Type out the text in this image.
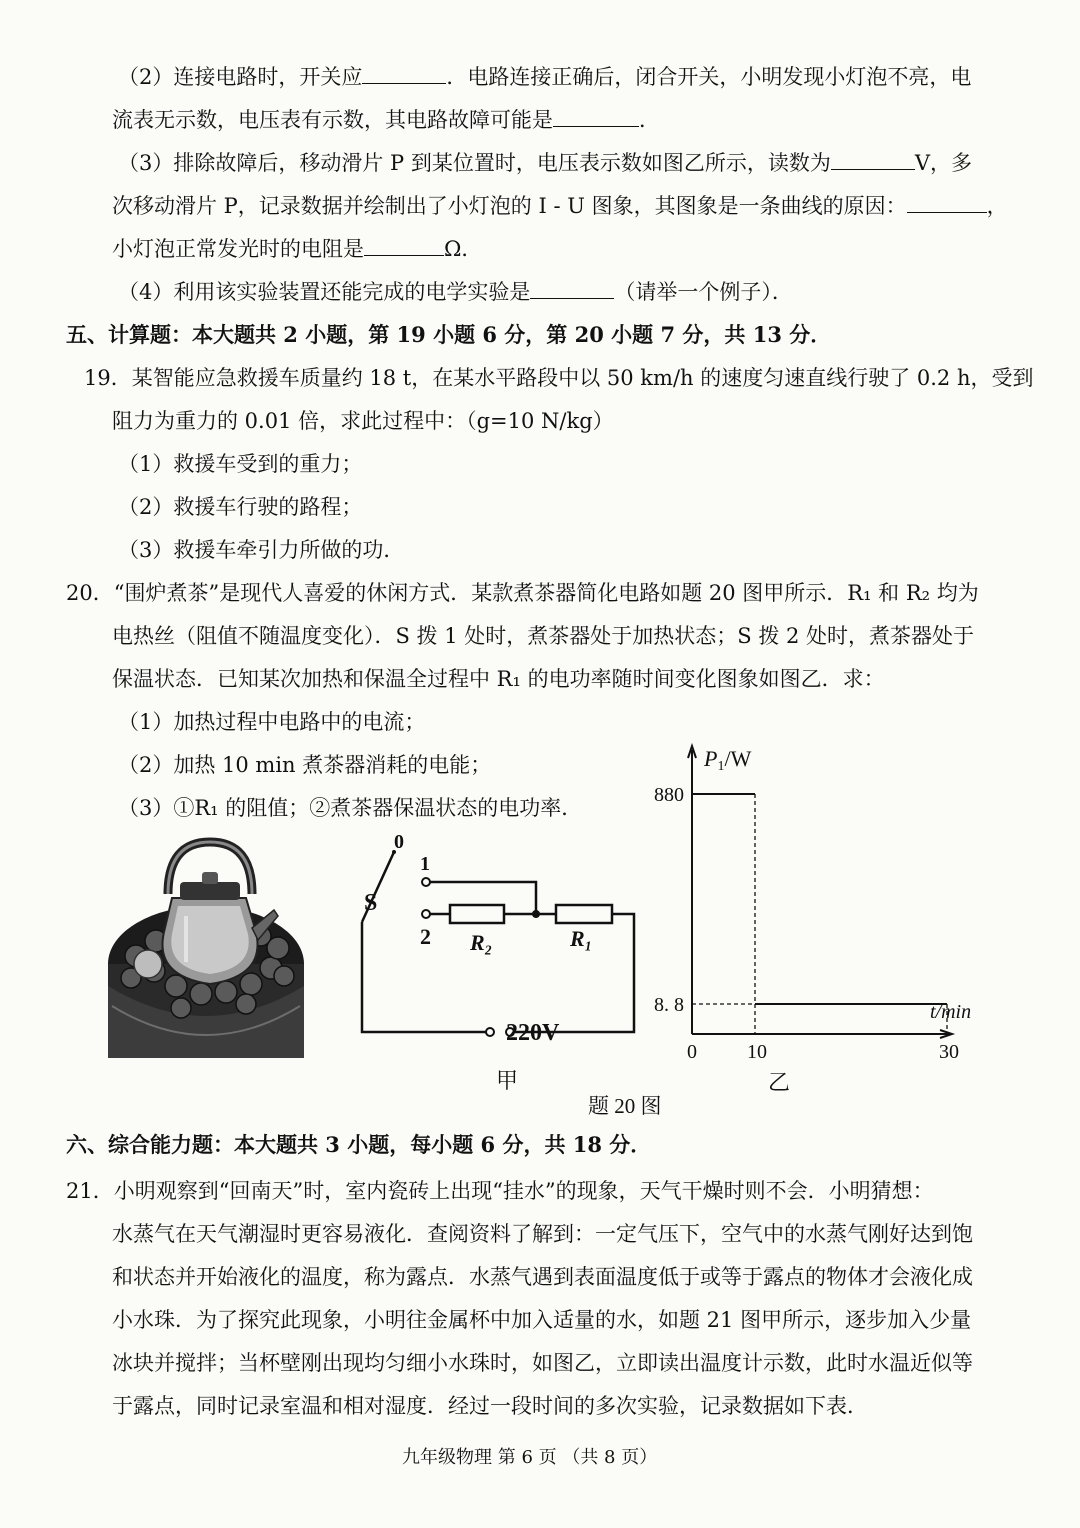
（2）连接电路时，开关应	．电路连接正确后，闭合开关，小明发现小灯泡不亮，电
流表无示数，电压表有示数，其电路故障可能是	．
（3）排除故障后，移动滑片 P 到某位置时，电压表示数如图乙所示，读数为	V，多
次移动滑片 P，记录数据并绘制出了小灯泡的 I - U 图象，其图象是一条曲线的原因：	，
小灯泡正常发光时的电阻是	Ω．
（4）利用该实验装置还能完成的电学实验是	（请举一个例子）．
五、计算题：本大题共 2 小题，第 19 小题 6 分，第 20 小题 7 分，共 13 分．
19．某智能应急救援车质量约 18 t，在某水平路段中以 50 km/h 的速度匀速直线行驶了 0.2 h，受到
阻力为重力的 0.01 倍，求此过程中：（g=10 N/kg）
（1）救援车受到的重力；
（2）救援车行驶的路程；
（3）救援车牵引力所做的功．
20．“围炉煮茶”是现代人喜爱的休闲方式．某款煮茶器简化电路如题 20 图甲所示．R₁ 和 R₂ 均为
电热丝（阻值不随温度变化）．S 拨 1 处时，煮茶器处于加热状态；S 拨 2 处时，煮茶器处于
保温状态．已知某次加热和保温全过程中 R₁ 的电功率随时间变化图象如图乙．求：
（1）加热过程中电路中的电流；
（2）加热 10 min 煮茶器消耗的电能；
（3）①R₁ 的阻值；②煮茶器保温状态的电功率．
S
0
1
2 R₂	R₁
220V
甲
880
8. 8
0	10	30
P1/W
t/min
乙
题 20 图
六、综合能力题：本大题共 3 小题，每小题 6 分，共 18 分．
21．小明观察到“回南天”时，室内瓷砖上出现“挂水”的现象，天气干燥时则不会．小明猜想：
水蒸气在天气潮湿时更容易液化．查阅资料了解到：一定气压下，空气中的水蒸气刚好达到饱
和状态并开始液化的温度，称为露点．水蒸气遇到表面温度低于或等于露点的物体才会液化成
小水珠．为了探究此现象，小明往金属杯中加入适量的水，如题 21 图甲所示，逐步加入少量
冰块并搅拌；当杯壁刚出现均匀细小水珠时，如图乙，立即读出温度计示数，此时水温近似等
于露点，同时记录室温和相对湿度．经过一段时间的多次实验，记录数据如下表．
九年级物理 第 6 页 （共 8 页）
